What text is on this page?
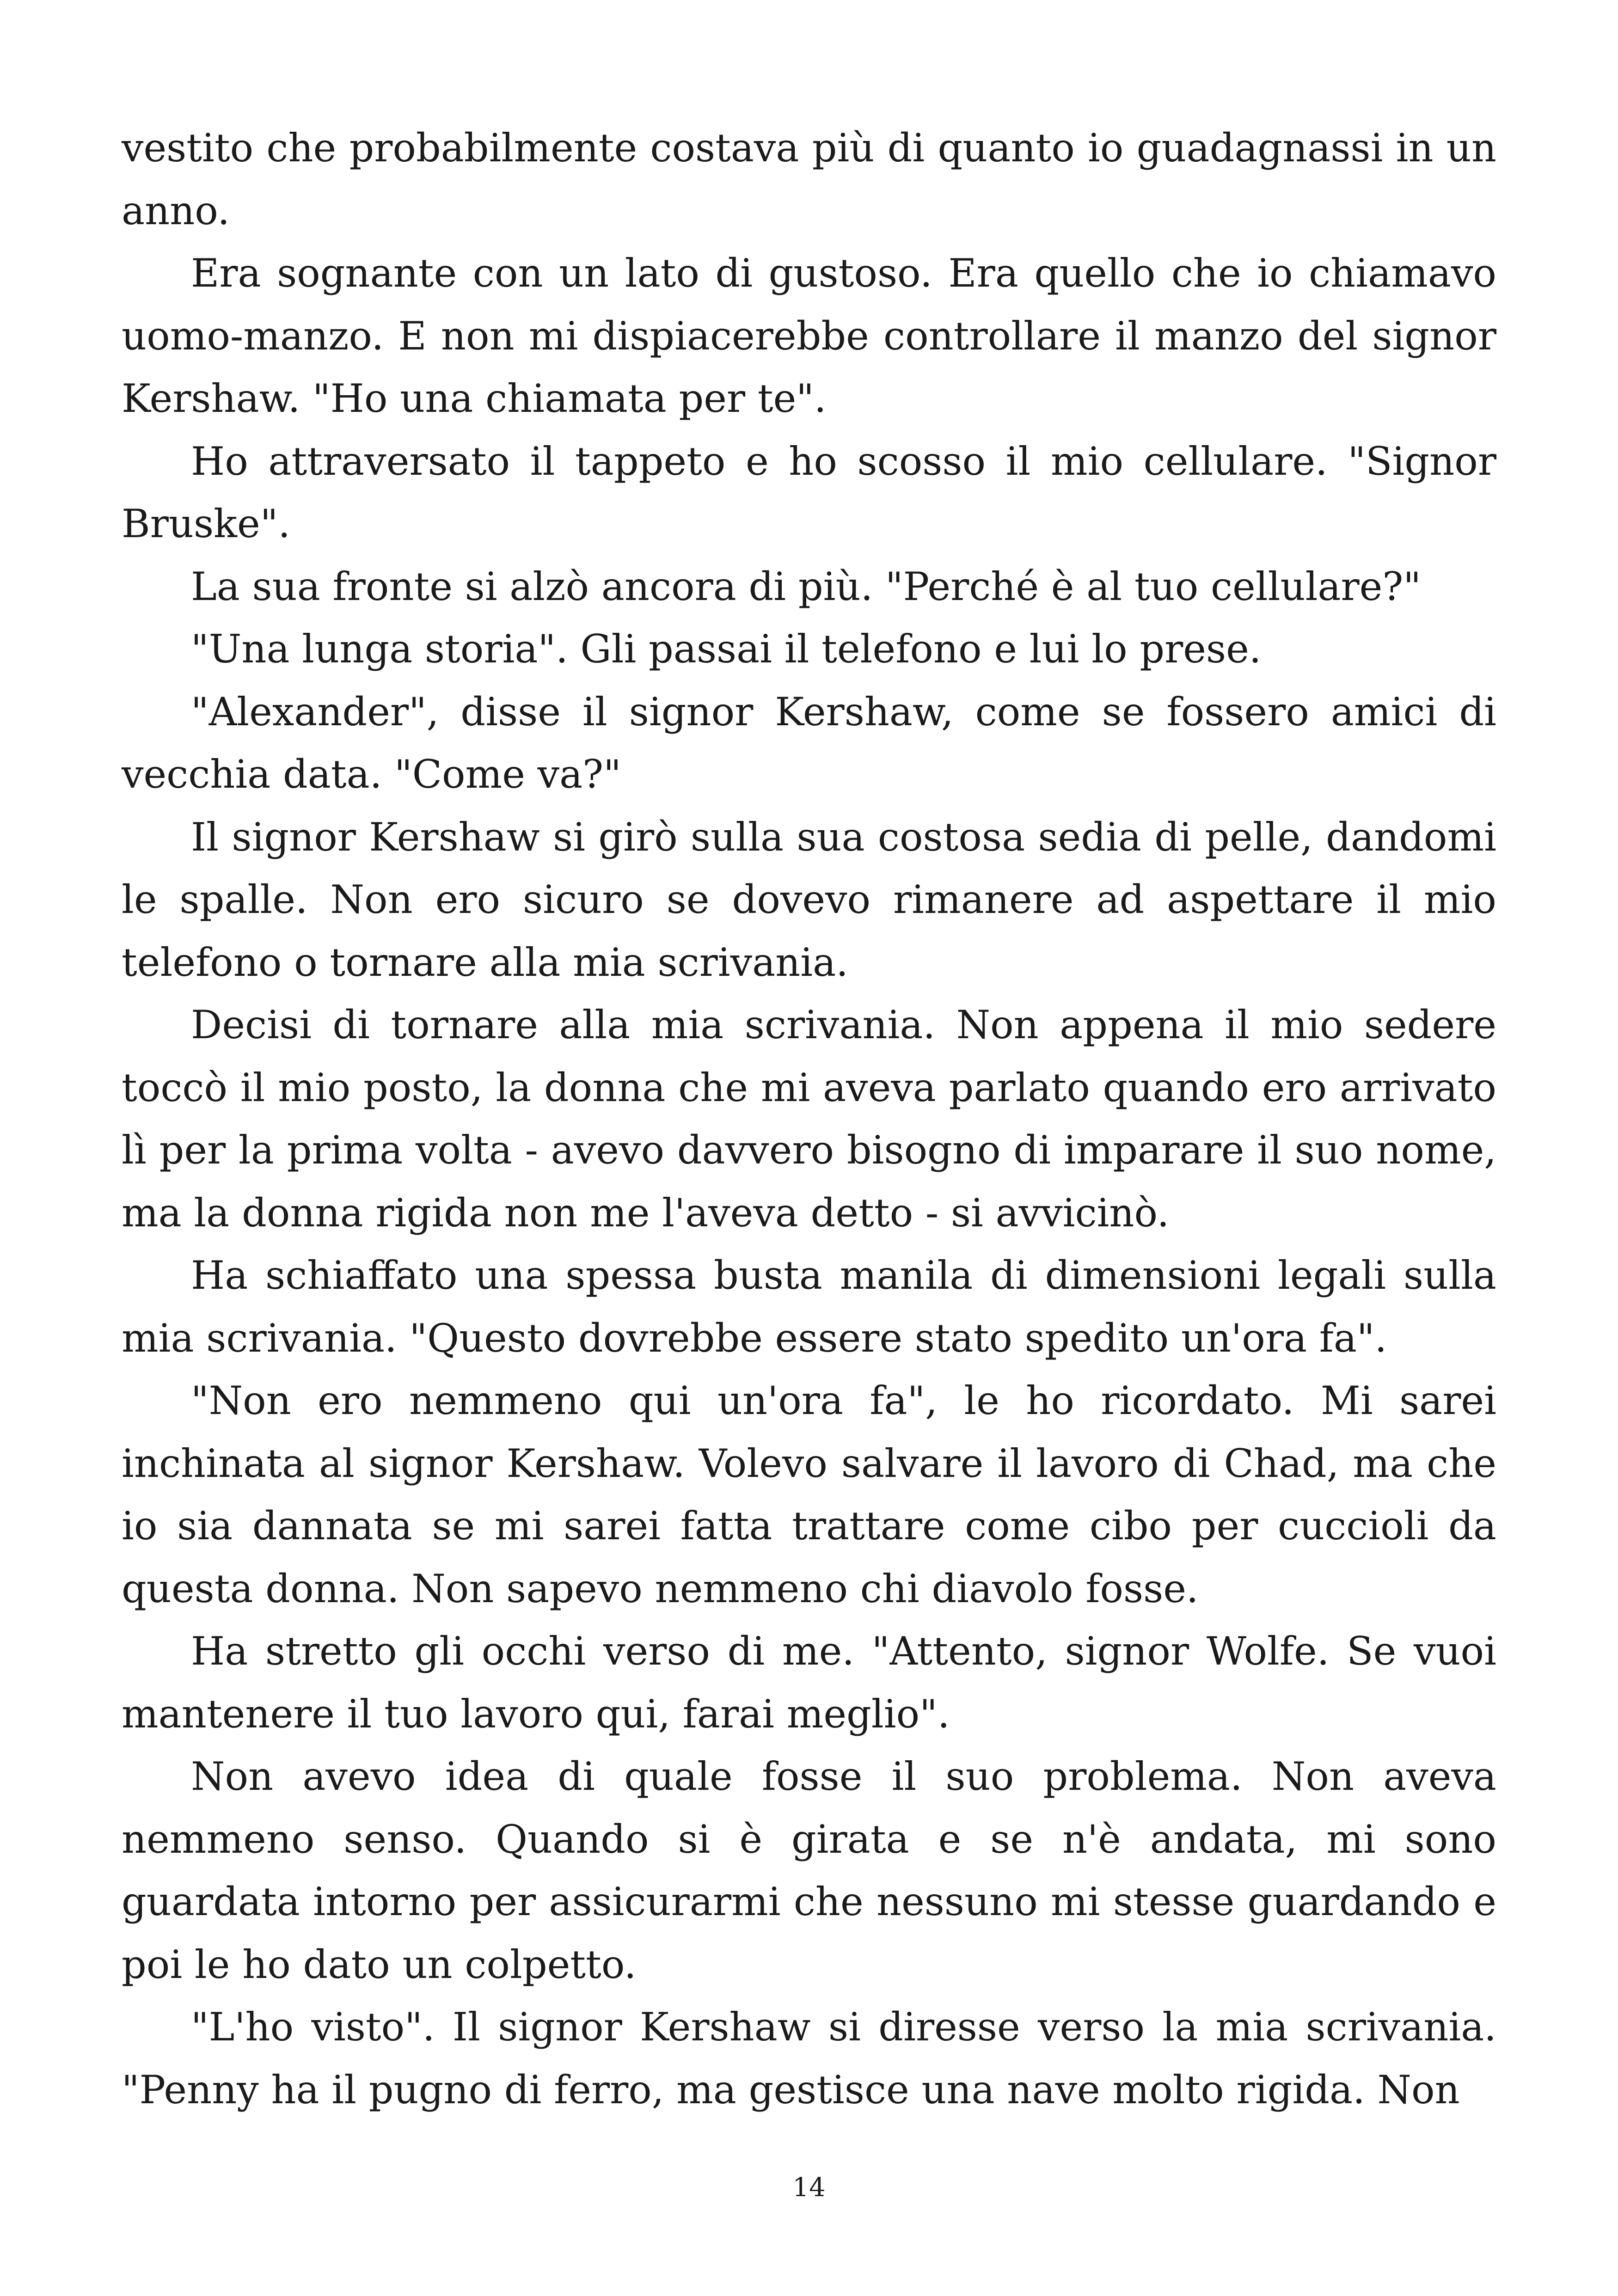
vestito che probabilmente costava più di quanto io guadagnassi in un anno.

Era sognante con un lato di gustoso. Era quello che io chiamavo uomo-manzo. E non mi dispiacerebbe controllare il manzo del signor Kershaw. "Ho una chiamata per te".

Ho attraversato il tappeto e ho scosso il mio cellulare. "Signor Bruske".

La sua fronte si alzò ancora di più. "Perché è al tuo cellulare?"

"Una lunga storia". Gli passai il telefono e lui lo prese.

"Alexander", disse il signor Kershaw, come se fossero amici di vecchia data. "Come va?"

Il signor Kershaw si girò sulla sua costosa sedia di pelle, dandomi le spalle. Non ero sicuro se dovevo rimanere ad aspettare il mio telefono o tornare alla mia scrivania.

Decisi di tornare alla mia scrivania. Non appena il mio sedere toccò il mio posto, la donna che mi aveva parlato quando ero arrivato lì per la prima volta - avevo davvero bisogno di imparare il suo nome, ma la donna rigida non me l'aveva detto - si avvicinò.

Ha schiaffato una spessa busta manila di dimensioni legali sulla mia scrivania. "Questo dovrebbe essere stato spedito un'ora fa".

"Non ero nemmeno qui un'ora fa", le ho ricordato. Mi sarei inchinata al signor Kershaw. Volevo salvare il lavoro di Chad, ma che io sia dannata se mi sarei fatta trattare come cibo per cuccioli da questa donna. Non sapevo nemmeno chi diavolo fosse.

Ha stretto gli occhi verso di me. "Attento, signor Wolfe. Se vuoi mantenere il tuo lavoro qui, farai meglio".

Non avevo idea di quale fosse il suo problema. Non aveva nemmeno senso. Quando si è girata e se n'è andata, mi sono guardata intorno per assicurarmi che nessuno mi stesse guardando e poi le ho dato un colpetto.

"L'ho visto". Il signor Kershaw si diresse verso la mia scrivania. "Penny ha il pugno di ferro, ma gestisce una nave molto rigida. Non

14
